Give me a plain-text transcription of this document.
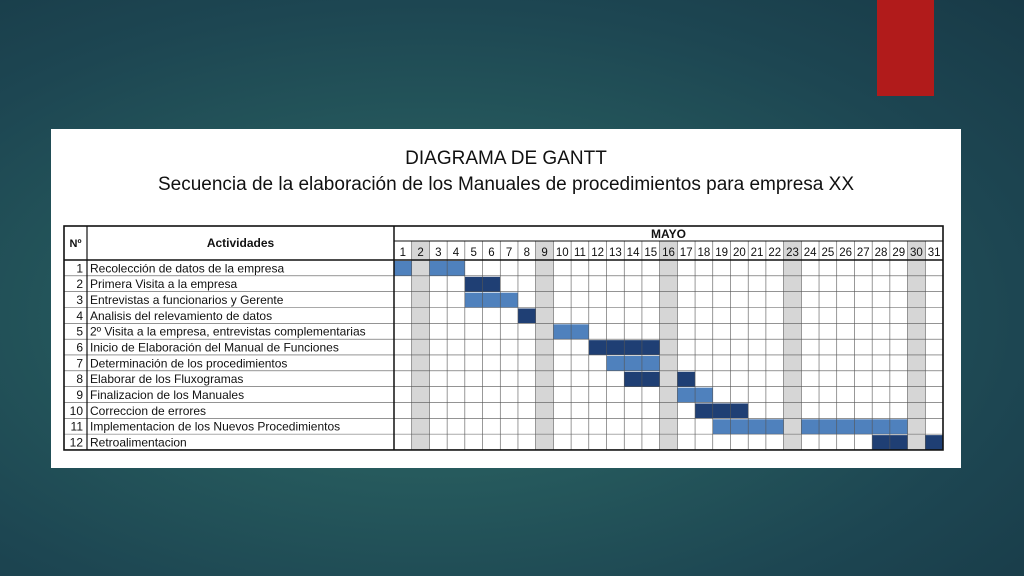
DIAGRAMA DE GANTT
Secuencia de la elaboración de los Manuales de procedimientos para empresa XX
Nº	Actividades
MAYO
1 2 3 4 5 6 7 8 9 10 11 12 13 14 15 16 17 18 19 20 21 22 23 24 25 26 27 28 29 30 31
1 Recolección de datos de la empresa
2 Primera Visita a la empresa
3 Entrevistas a funcionarios y Gerente
4 Analisis del relevamiento de datos
5 2º Visita a la empresa, entrevistas complementarias
6 Inicio de Elaboración del Manual de Funciones
7 Determinación de los procedimientos
8 Elaborar de los Fluxogramas
9 Finalizacion de los Manuales
10 Correccion de errores
11 Implementacion de los Nuevos Procedimientos
12 Retroalimentacion
